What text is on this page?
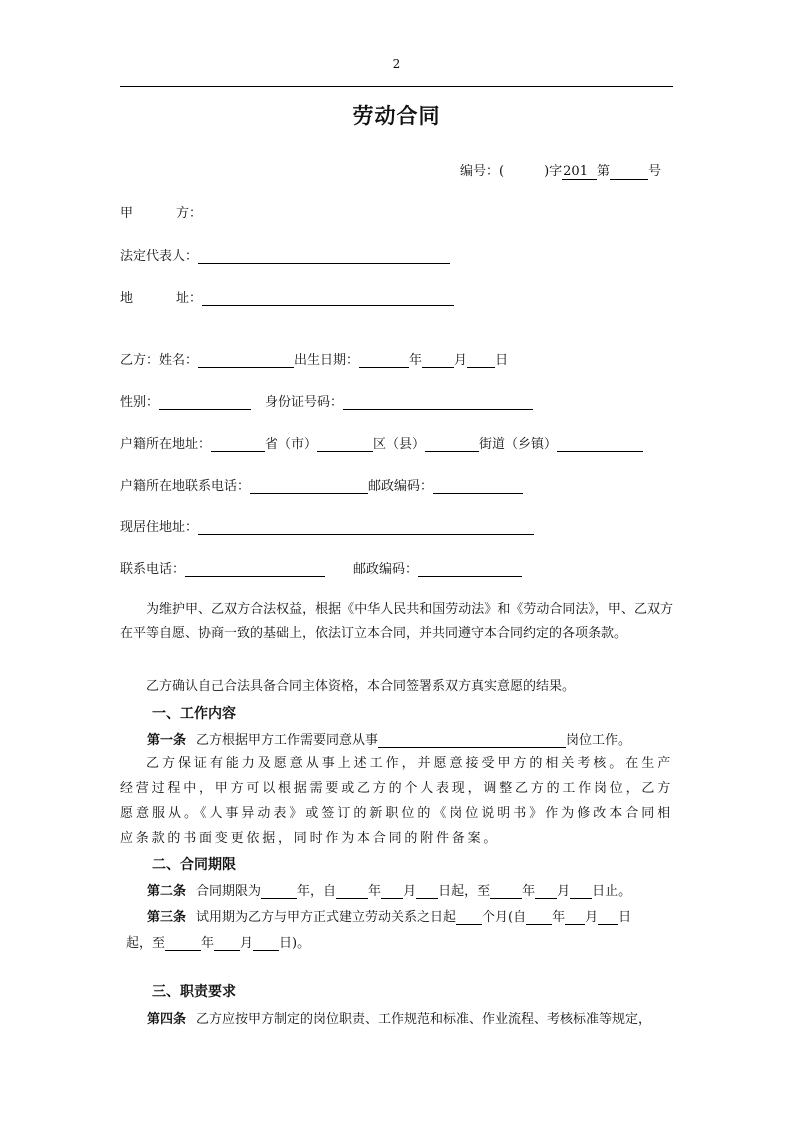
2
劳动合同
编号：(	)字201 第	号
甲	方：
法定代表人：
地	址：
乙方：姓名：	出生日期：	年 月 日
性别：	身份证号码：
户籍所在地址：	省（市）	区（县）	街道（乡镇）
户籍所在地联系电话：	邮政编码：
现居住地址：
联系电话：	邮政编码：
为维护甲、乙双方合法权益，根据《中华人民共和国劳动法》和《劳动合同法》，甲、乙双方在平等自愿、协商一致的基础上，依法订立本合同，并共同遵守本合同约定的各项条款。
乙方确认自己合法具备合同主体资格，本合同签署系双方真实意愿的结果。
一、工作内容
第一条 乙方根据甲方工作需要同意从事	岗位工作。
乙方保证有能力及愿意从事上述工作，并愿意接受甲方的相关考核。在生产经营过程中，甲方可以根据需要或乙方的个人表现，调整乙方的工作岗位，乙方愿意服从。《人事异动表》或签订的新职位的《岗位说明书》作为修改本合同相应条款的书面变更依据，同时作为本合同的附件备案。
二、合同期限
第二条 合同期限为	年，自 年 月 日起，至 年 月 日止。
第三条 试用期为乙方与甲方正式建立劳动关系之日起 个月(自 年 月 日
起，至	年 月 日)。
三、职责要求
第四条 乙方应按甲方制定的岗位职责、工作规范和标准、作业流程、考核标准等规定，
